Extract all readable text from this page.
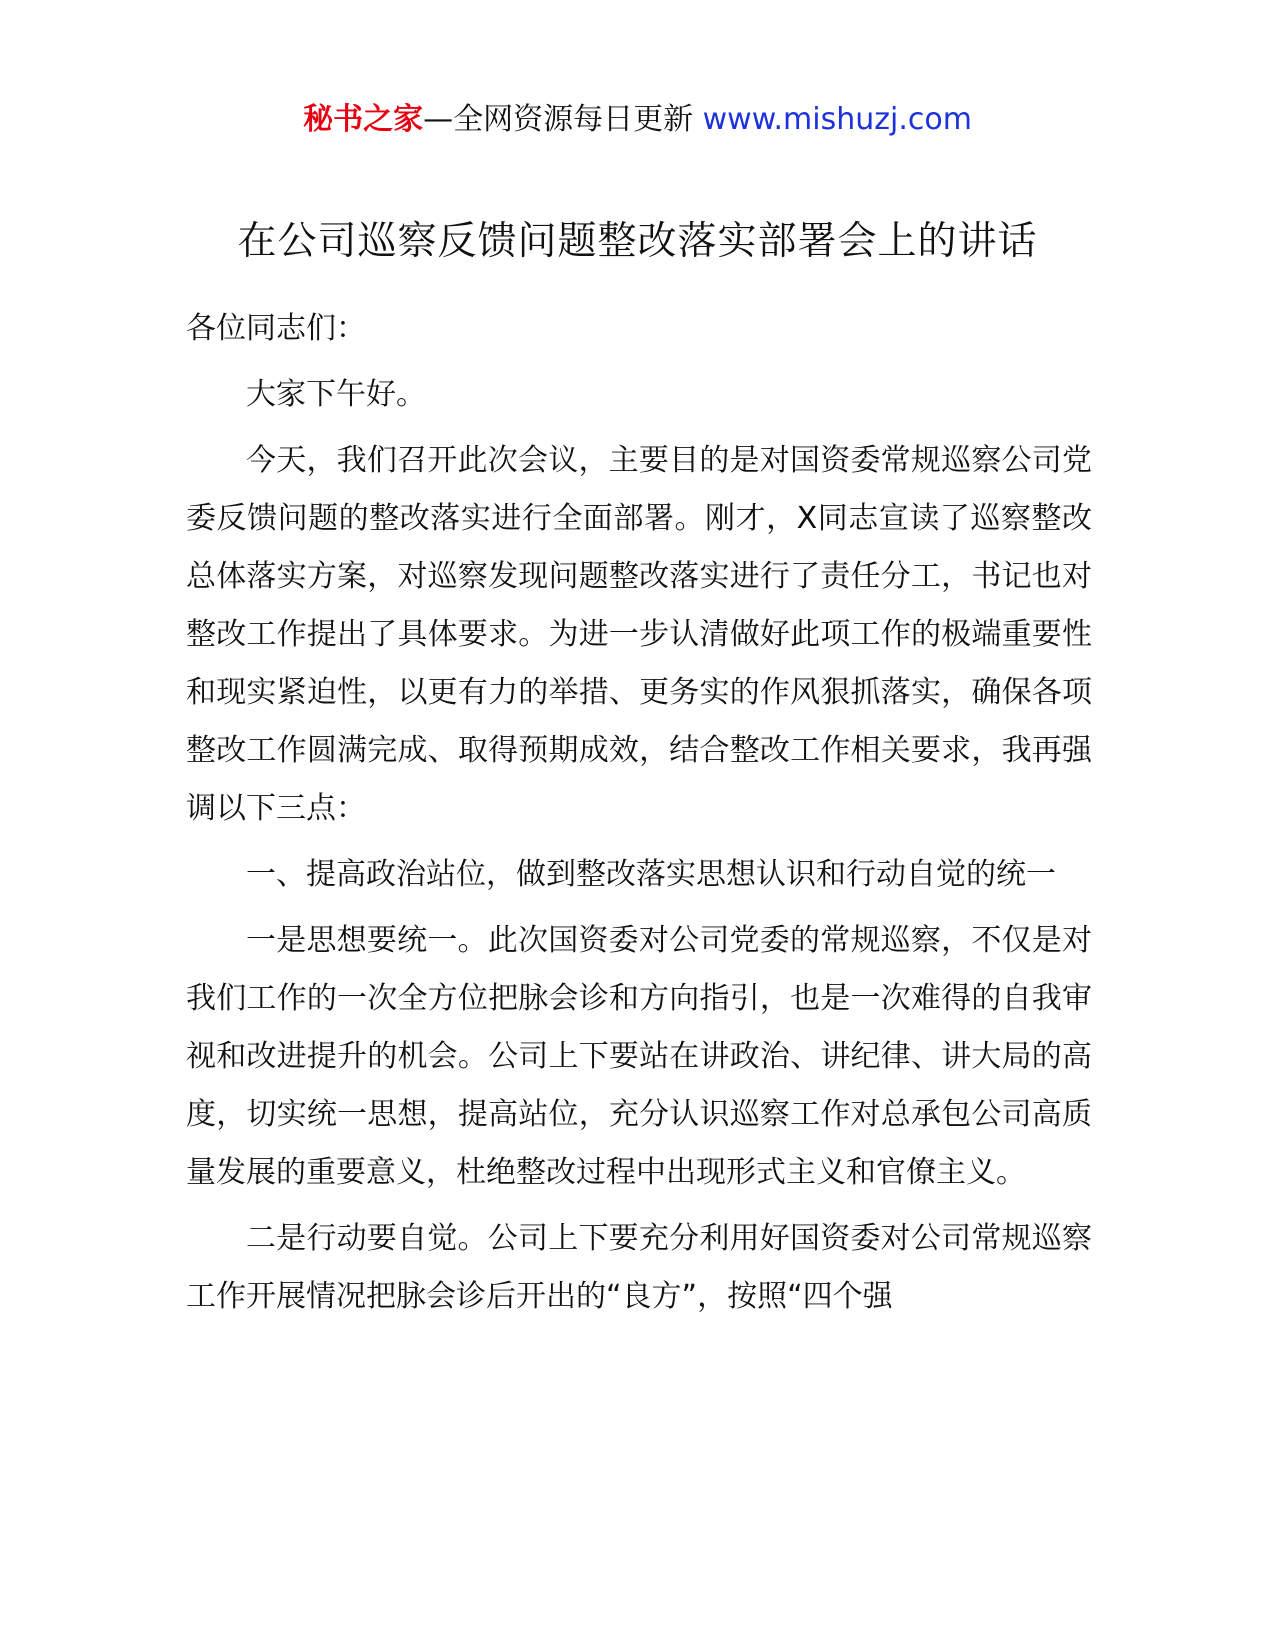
秘书之家—全网资源每日更新 www.mishuzj.com
在公司巡察反馈问题整改落实部署会上的讲话

各位同志们：

大家下午好。

今天，我们召开此次会议，主要目的是对国资委常规巡察公司党委反馈问题的整改落实进行全面部署。刚才，X同志宣读了巡察整改总体落实方案，对巡察发现问题整改落实进行了责任分工，书记也对整改工作提出了具体要求。为进一步认清做好此项工作的极端重要性和现实紧迫性，以更有力的举措、更务实的作风狠抓落实，确保各项整改工作圆满完成、取得预期成效，结合整改工作相关要求，我再强调以下三点：

一、提高政治站位，做到整改落实思想认识和行动自觉的统一

一是思想要统一。此次国资委对公司党委的常规巡察，不仅是对我们工作的一次全方位把脉会诊和方向指引，也是一次难得的自我审视和改进提升的机会。公司上下要站在讲政治、讲纪律、讲大局的高度，切实统一思想，提高站位，充分认识巡察工作对总承包公司高质量发展的重要意义，杜绝整改过程中出现形式主义和官僚主义。

二是行动要自觉。公司上下要充分利用好国资委对公司常规巡察工作开展情况把脉会诊后开出的“良方”，按照“四个强
